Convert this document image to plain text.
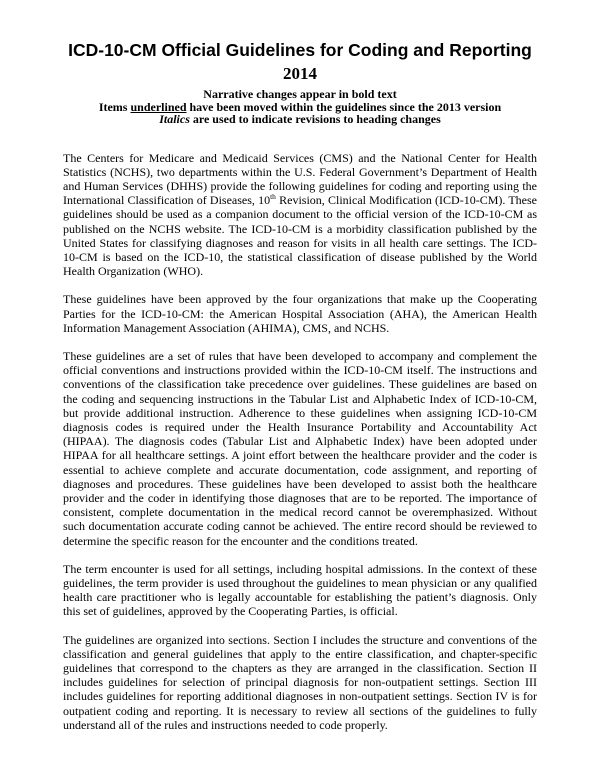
ICD-10-CM Official Guidelines for Coding and Reporting
2014
Narrative changes appear in bold text
Items underlined have been moved within the guidelines since the 2013 version
Italics are used to indicate revisions to heading changes

The Centers for Medicare and Medicaid Services (CMS) and the National Center for Health Statistics (NCHS), two departments within the U.S. Federal Government’s Department of Health and Human Services (DHHS) provide the following guidelines for coding and reporting using the International Classification of Diseases, 10th Revision, Clinical Modification (ICD-10-CM). These guidelines should be used as a companion document to the official version of the ICD-10-CM as published on the NCHS website. The ICD-10-CM is a morbidity classification published by the United States for classifying diagnoses and reason for visits in all health care settings. The ICD-10-CM is based on the ICD-10, the statistical classification of disease published by the World Health Organization (WHO).

These guidelines have been approved by the four organizations that make up the Cooperating Parties for the ICD-10-CM: the American Hospital Association (AHA), the American Health Information Management Association (AHIMA), CMS, and NCHS.

These guidelines are a set of rules that have been developed to accompany and complement the official conventions and instructions provided within the ICD-10-CM itself. The instructions and conventions of the classification take precedence over guidelines. These guidelines are based on the coding and sequencing instructions in the Tabular List and Alphabetic Index of ICD-10-CM, but provide additional instruction. Adherence to these guidelines when assigning ICD-10-CM diagnosis codes is required under the Health Insurance Portability and Accountability Act (HIPAA). The diagnosis codes (Tabular List and Alphabetic Index) have been adopted under HIPAA for all healthcare settings. A joint effort between the healthcare provider and the coder is essential to achieve complete and accurate documentation, code assignment, and reporting of diagnoses and procedures. These guidelines have been developed to assist both the healthcare provider and the coder in identifying those diagnoses that are to be reported. The importance of consistent, complete documentation in the medical record cannot be overemphasized. Without such documentation accurate coding cannot be achieved. The entire record should be reviewed to determine the specific reason for the encounter and the conditions treated.

The term encounter is used for all settings, including hospital admissions. In the context of these guidelines, the term provider is used throughout the guidelines to mean physician or any qualified health care practitioner who is legally accountable for establishing the patient’s diagnosis. Only this set of guidelines, approved by the Cooperating Parties, is official.

The guidelines are organized into sections. Section I includes the structure and conventions of the classification and general guidelines that apply to the entire classification, and chapter-specific guidelines that correspond to the chapters as they are arranged in the classification. Section II includes guidelines for selection of principal diagnosis for non-outpatient settings. Section III includes guidelines for reporting additional diagnoses in non-outpatient settings. Section IV is for outpatient coding and reporting. It is necessary to review all sections of the guidelines to fully understand all of the rules and instructions needed to code properly.
